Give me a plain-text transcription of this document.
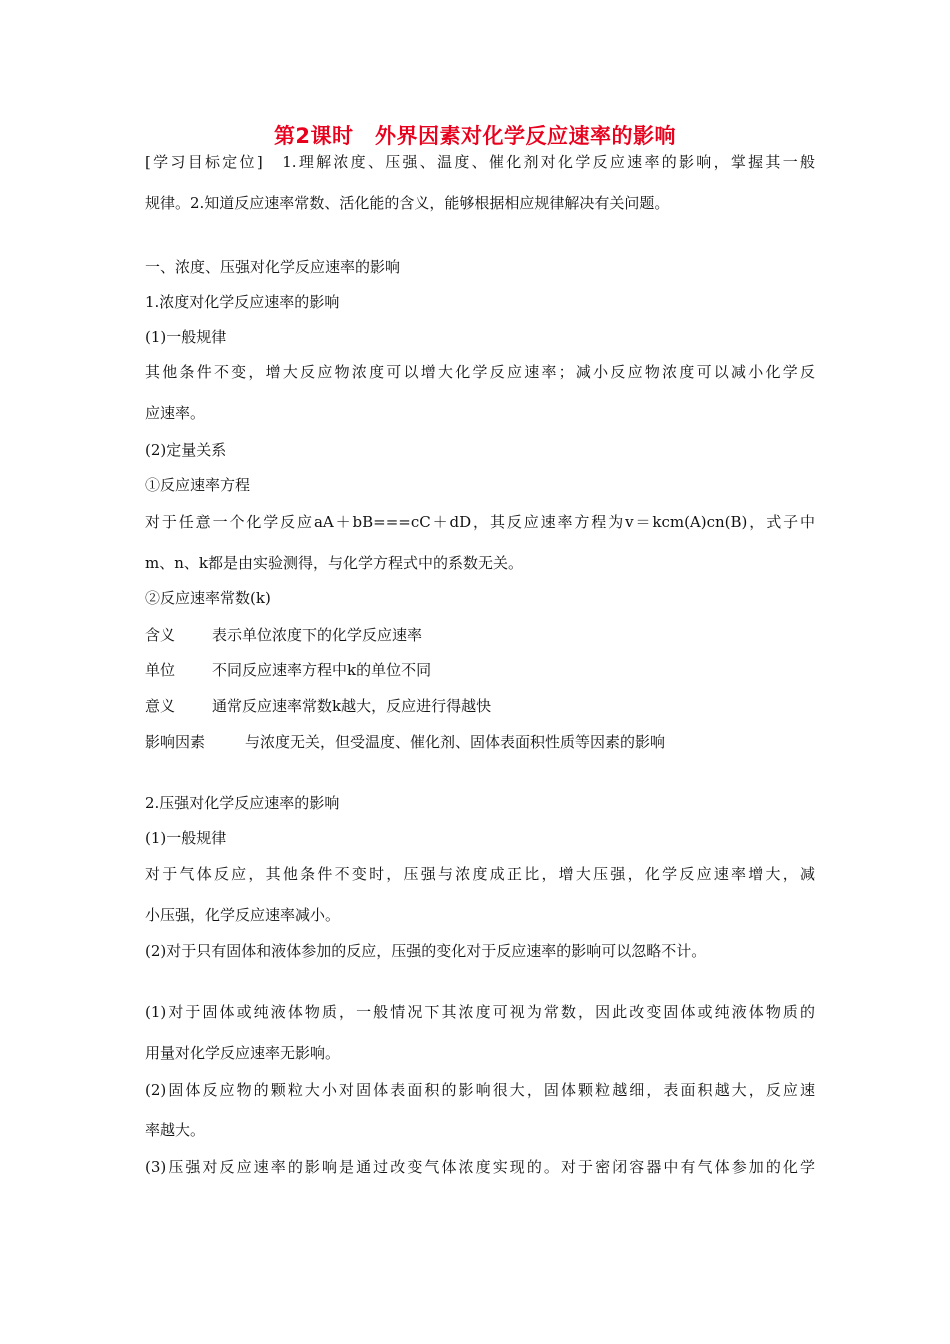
第2课时　外界因素对化学反应速率的影响
[学习目标定位]　1.理解浓度、压强、温度、催化剂对化学反应速率的影响，掌握其一般
规律。2.知道反应速率常数、活化能的含义，能够根据相应规律解决有关问题。
一、浓度、压强对化学反应速率的影响
1.浓度对化学反应速率的影响
(1)一般规律
其他条件不变，增大反应物浓度可以增大化学反应速率；减小反应物浓度可以减小化学反
应速率。
(2)定量关系
①反应速率方程
对于任意一个化学反应aA＋bB===cC＋dD，其反应速率方程为v＝kcm(A)cn(B)，式子中
m、n、k都是由实验测得，与化学方程式中的系数无关。
②反应速率常数(k)
含义 表示单位浓度下的化学反应速率
单位 不同反应速率方程中k的单位不同
意义 通常反应速率常数k越大，反应进行得越快
影响因素	与浓度无关，但受温度、催化剂、固体表面积性质等因素的影响
2.压强对化学反应速率的影响
(1)一般规律
对于气体反应，其他条件不变时，压强与浓度成正比，增大压强，化学反应速率增大，减
小压强，化学反应速率减小。
(2)对于只有固体和液体参加的反应，压强的变化对于反应速率的影响可以忽略不计。
(1)对于固体或纯液体物质，一般情况下其浓度可视为常数，因此改变固体或纯液体物质的
用量对化学反应速率无影响。
(2)固体反应物的颗粒大小对固体表面积的影响很大，固体颗粒越细，表面积越大，反应速
率越大。
(3)压强对反应速率的影响是通过改变气体浓度实现的。对于密闭容器中有气体参加的化学
